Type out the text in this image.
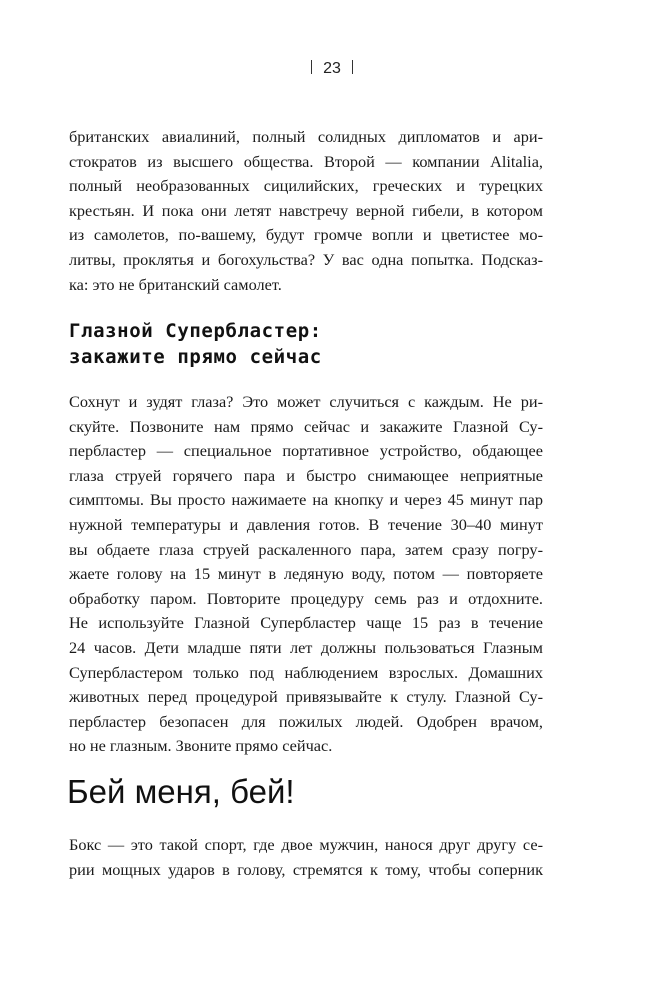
23
британских авиалиний, полный солидных дипломатов и ари-
стократов из высшего общества. Второй — компании Alitalia,
полный необразованных сицилийских, греческих и турецких
крестьян. И пока они летят навстречу верной гибели, в котором
из самолетов, по-вашему, будут громче вопли и цветистее мо-
литвы, проклятья и богохульства? У вас одна попытка. Подсказ-
ка: это не британский самолет.
Глазной Супербластер:
закажите прямо сейчас
Сохнут и зудят глаза? Это может случиться с каждым. Не ри-
скуйте. Позвоните нам прямо сейчас и закажите Глазной Су-
пербластер — специальное портативное устройство, обдающее
глаза струей горячего пара и быстро снимающее неприятные
симптомы. Вы просто нажимаете на кнопку и через 45 минут пар
нужной температуры и давления готов. В течение 30–40 минут
вы обдаете глаза струей раскаленного пара, затем сразу погру-
жаете голову на 15 минут в ледяную воду, потом — повторяете
обработку паром. Повторите процедуру семь раз и отдохните.
Не используйте Глазной Супербластер чаще 15 раз в течение
24 часов. Дети младше пяти лет должны пользоваться Глазным
Супербластером только под наблюдением взрослых. Домашних
животных перед процедурой привязывайте к стулу. Глазной Су-
пербластер безопасен для пожилых людей. Одобрен врачом,
но не глазным. Звоните прямо сейчас.
Бей меня, бей!
Бокс — это такой спорт, где двое мужчин, нанося друг другу се-
рии мощных ударов в голову, стремятся к тому, чтобы соперник
